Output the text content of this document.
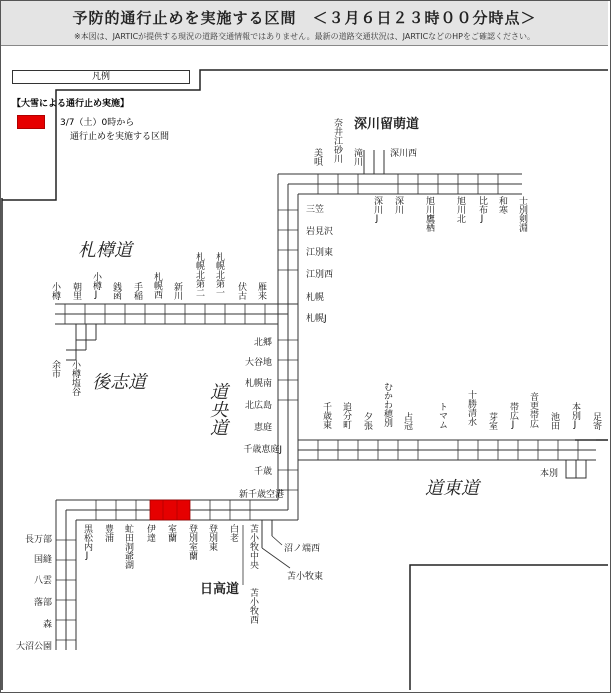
予防的通行止めを実施する区間　＜３月６日２３時００分時点＞
※本図は、JARTICが提供する現況の道路交通情報ではありません。最新の道路交通状況は、JARTICなどのHPをご確認ください。
凡例
【大雪による通行止め実施】
3/7（土）0時から
通行止めを実施する区間
札樽道
後志道	道央道
道東道
日高道
深川留萌道
小樽 朝里 小樽J 銭函 手稲 札幌西 新川 札幌北第二 札幌北第一 伏古 雁来
余市 小樽塩谷
美唄 奈井江砂川 滝川	深川西
深川J 深川 旭川鷹栖 旭川北 比布J 和寒 士別剣淵
三笠
岩見沢
江別東
江別西
札幌
札幌J
北郷
大谷地
札幌南
北広島
恵庭
千歳恵庭J
千歳
新千歳空港
千歳東 追分町 夕張 むかわ穂別 占冠	トマム 十勝清水 芽室 帯広J 音更帯広 池田 本別J 足寄
本別
長万部
国縫
八雲
落部
森
大沼公園
黒松内J 豊浦 虻田洞爺湖 伊達 室蘭 登別室蘭 登別東 白老 苫小牧中央
苫小牧西
沼ノ端西
苫小牧東
